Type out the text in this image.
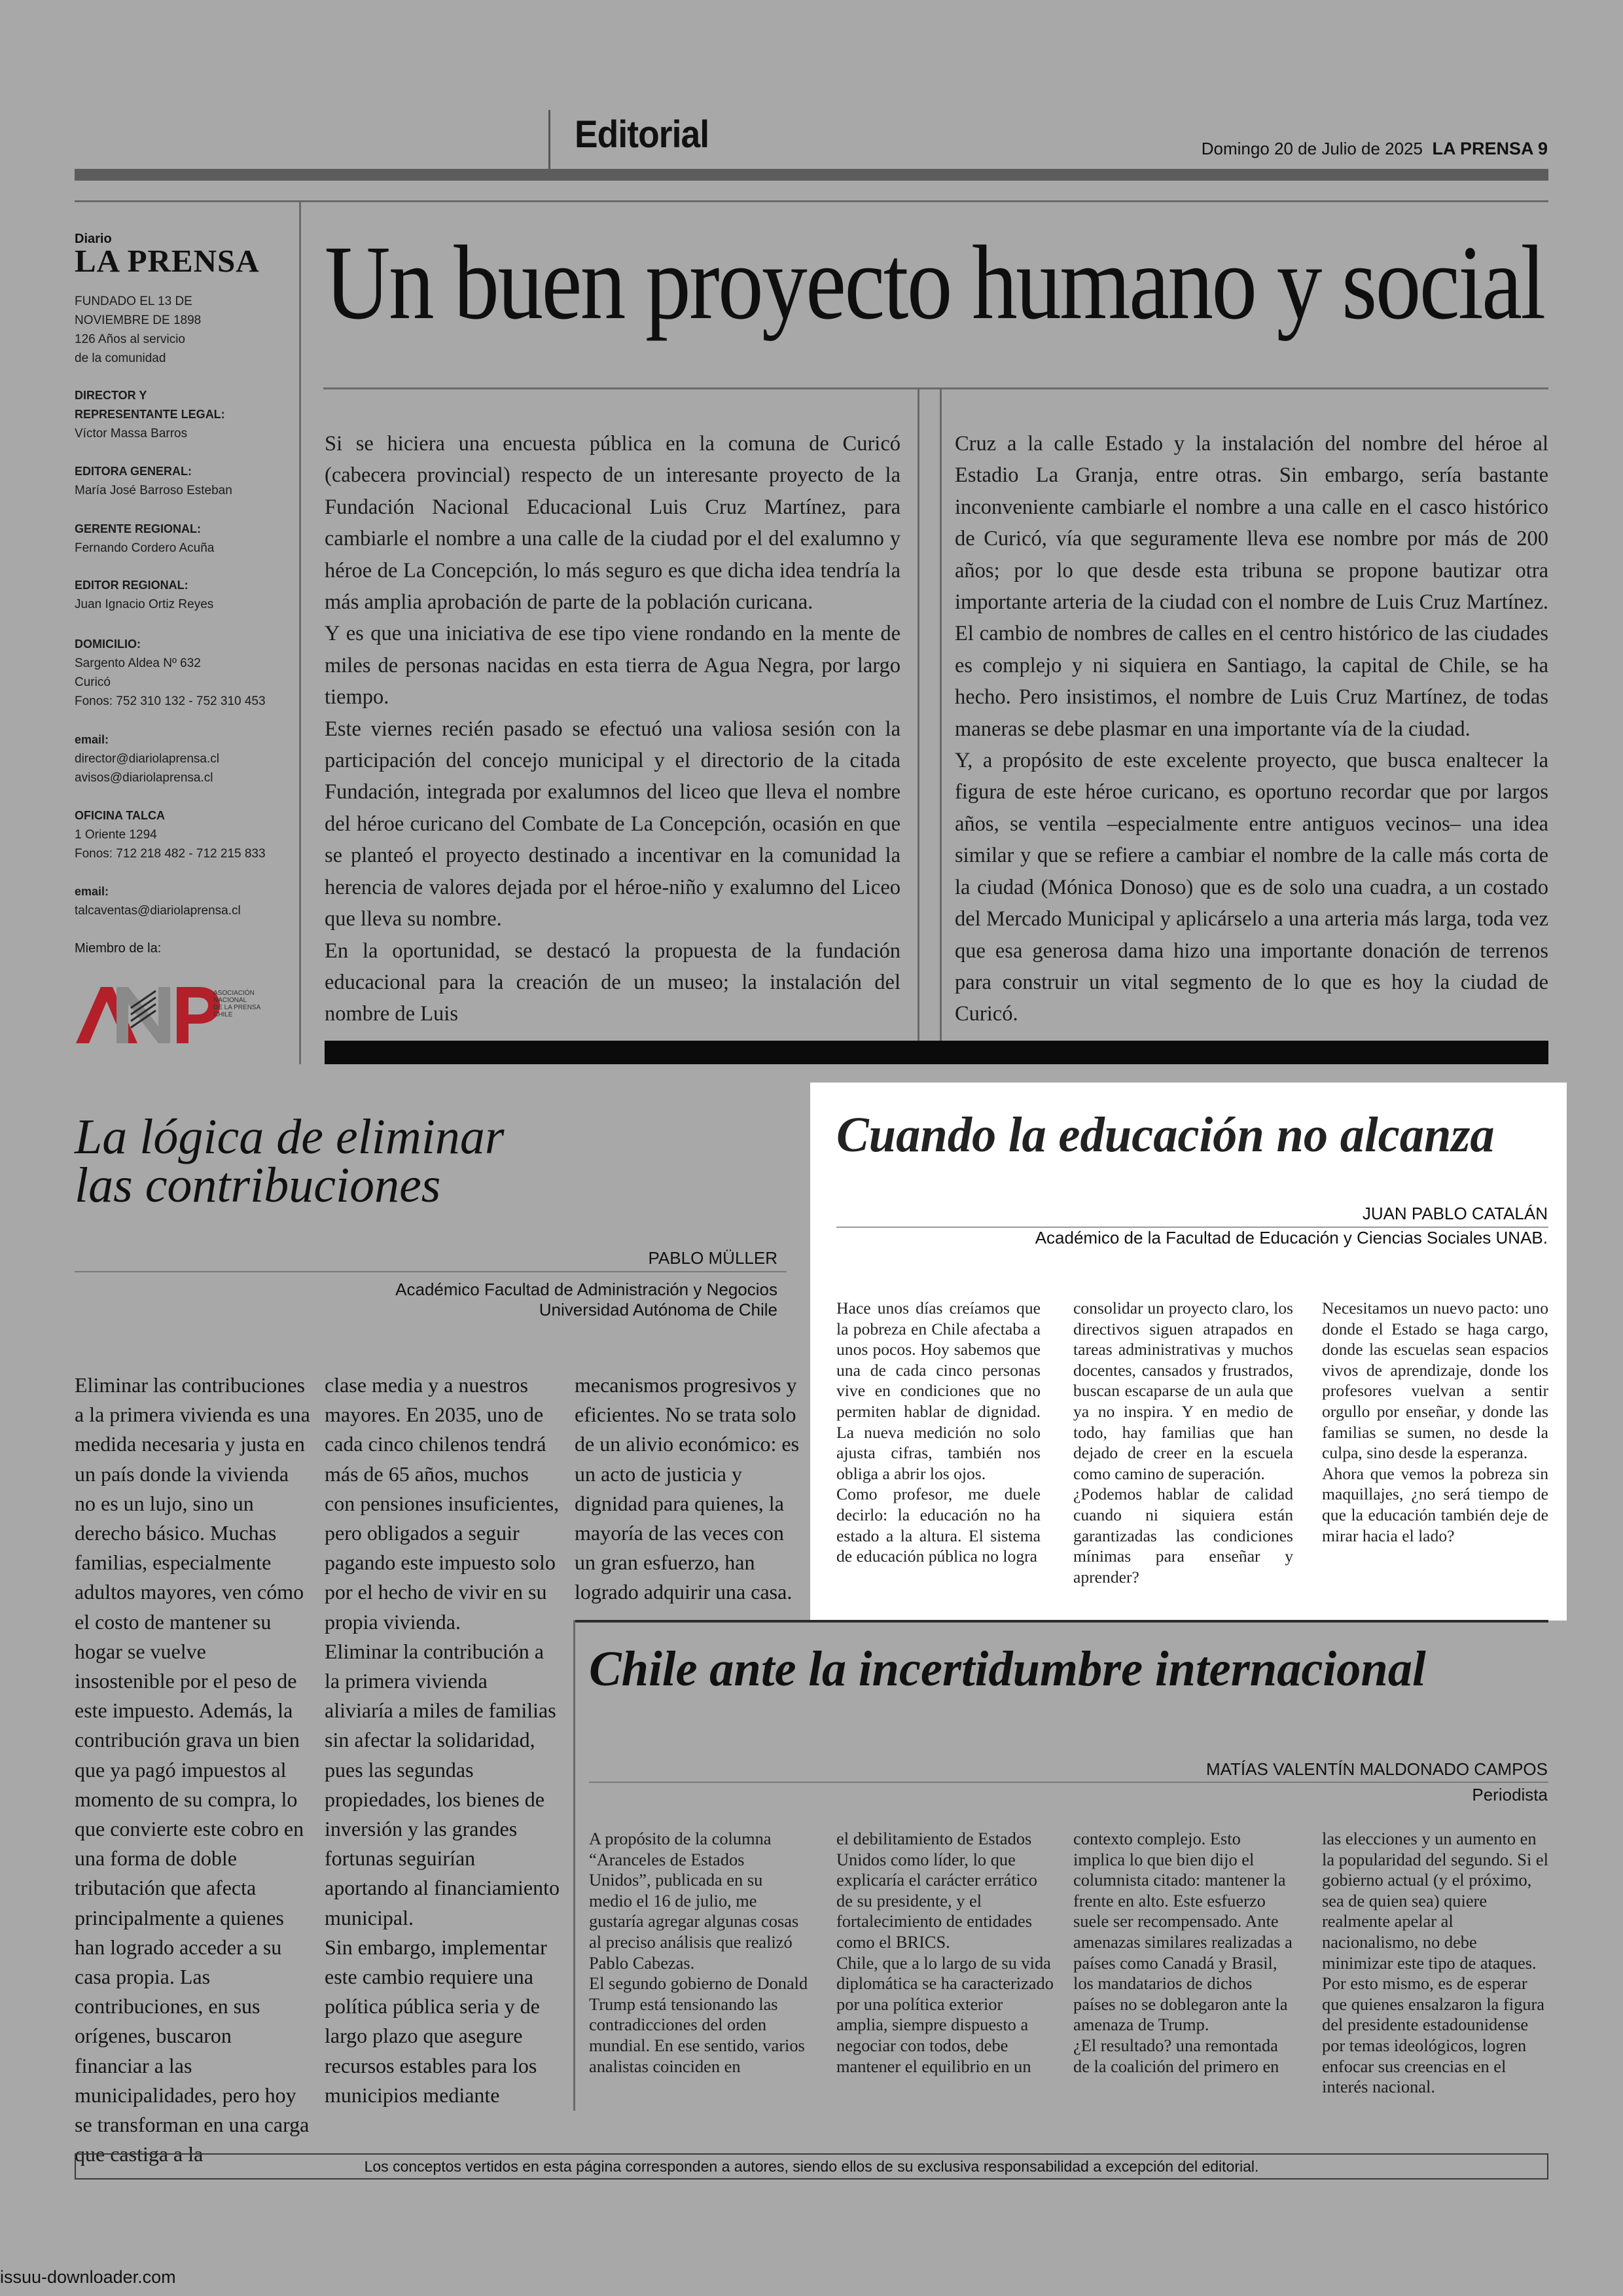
Editorial	Domingo 20 de Julio de 2025 LA PRENSA 9
Diario
LA PRENSA
FUNDADO EL 13 DE
NOVIEMBRE DE 1898
126 Años al servicio
de la comunidad
DIRECTOR Y
REPRESENTANTE LEGAL:
Víctor Massa Barros
EDITORA GENERAL:
María José Barroso Esteban
GERENTE REGIONAL:
Fernando Cordero Acuña
EDITOR REGIONAL:
Juan Ignacio Ortiz Reyes
DOMICILIO:
Sargento Aldea Nº 632
Curicó
Fonos: 752 310 132 - 752 310 453
email:
director@diariolaprensa.cl
avisos@diariolaprensa.cl
OFICINA TALCA
1 Oriente 1294
Fonos: 712 218 482 - 712 215 833
email:
talcaventas@diariolaprensa.cl
Miembro de la:
ASOCIACIÓN
NACIONAL
DE LA PRENSA
CHILE
Un buen proyecto humano y social

Si se hiciera una encuesta pública en la comuna de Curicó (cabecera provincial) respecto de un interesante proyecto de la Fundación Nacional Educacional Luis Cruz Martínez, para cambiarle el nombre a una calle de la ciudad por el del exalumno y héroe de La Concepción, lo más seguro es que dicha idea tendría la más amplia aprobación de parte de la población curicana.

Y es que una iniciativa de ese tipo viene rondando en la mente de miles de personas nacidas en esta tierra de Agua Negra, por largo tiempo.

Este viernes recién pasado se efectuó una valiosa sesión con la participación del concejo municipal y el directorio de la citada Fundación, integrada por exalumnos del liceo que lleva el nombre del héroe curicano del Combate de La Concepción, ocasión en que se planteó el proyecto destinado a incentivar en la comunidad la herencia de valores dejada por el héroe-niño y exalumno del Liceo que lleva su nombre.

En la oportunidad, se destacó la propuesta de la fundación educacional para la creación de un museo; la instalación del nombre de Luis

Cruz a la calle Estado y la instalación del nombre del héroe al Estadio La Granja, entre otras. Sin embargo, sería bastante inconveniente cambiarle el nombre a una calle en el casco histórico de Curicó, vía que seguramente lleva ese nombre por más de 200 años; por lo que desde esta tribuna se propone bautizar otra importante arteria de la ciudad con el nombre de Luis Cruz Martínez. El cambio de nombres de calles en el centro histórico de las ciudades es complejo y ni siquiera en Santiago, la capital de Chile, se ha hecho. Pero insistimos, el nombre de Luis Cruz Martínez, de todas maneras se debe plasmar en una importante vía de la ciudad.

Y, a propósito de este excelente proyecto, que busca enaltecer la figura de este héroe curicano, es oportuno recordar que por largos años, se ventila –especialmente entre antiguos vecinos– una idea similar y que se refiere a cambiar el nombre de la calle más corta de la ciudad (Mónica Donoso) que es de solo una cuadra, a un costado del Mercado Municipal y aplicárselo a una arteria más larga, toda vez que esa generosa dama hizo una importante donación de terrenos para construir un vital segmento de lo que es hoy la ciudad de Curicó.

La lógica de eliminar
las contribuciones
PABLO MÜLLER
Académico Facultad de Administración y Negocios
Universidad Autónoma de Chile

Eliminar las contribuciones a la primera vivienda es una medida necesaria y justa en un país donde la vivienda no es un lujo, sino un derecho básico. Muchas familias, especialmente adultos mayores, ven cómo el costo de mantener su hogar se vuelve insostenible por el peso de este impuesto. Además, la contribución grava un bien que ya pagó impuestos al momento de su compra, lo que convierte este cobro en una forma de doble tributación que afecta principalmente a quienes han logrado acceder a su casa propia. Las contribuciones, en sus orígenes, buscaron financiar a las municipalidades, pero hoy se transforman en una carga que castiga a la

clase media y a nuestros mayores. En 2035, uno de cada cinco chilenos tendrá más de 65 años, muchos con pensiones insuficientes, pero obligados a seguir pagando este impuesto solo por el hecho de vivir en su propia vivienda.

Eliminar la contribución a la primera vivienda aliviaría a miles de familias sin afectar la solidaridad, pues las segundas propiedades, los bienes de inversión y las grandes fortunas seguirían aportando al financiamiento municipal.

Sin embargo, implementar este cambio requiere una política pública seria y de largo plazo que asegure recursos estables para los municipios mediante

mecanismos progresivos y eficientes. No se trata solo de un alivio económico: es un acto de justicia y dignidad para quienes, la mayoría de las veces con un gran esfuerzo, han logrado adquirir una casa.

Cuando la educación no alcanza
JUAN PABLO CATALÁN
Académico de la Facultad de Educación y Ciencias Sociales UNAB.

Hace unos días creíamos que la pobreza en Chile afectaba a unos pocos. Hoy sabemos que una de cada cinco personas vive en condiciones que no permiten hablar de dignidad. La nueva medición no solo ajusta cifras, también nos obliga a abrir los ojos.

Como profesor, me duele decirlo: la educación no ha estado a la altura. El sistema de educación pública no logra

consolidar un proyecto claro, los directivos siguen atrapados en tareas administrativas y muchos docentes, cansados y frustrados, buscan escaparse de un aula que ya no inspira. Y en medio de todo, hay familias que han dejado de creer en la escuela como camino de superación.

¿Podemos hablar de calidad cuando ni siquiera están garantizadas las condiciones mínimas para enseñar y aprender?

Necesitamos un nuevo pacto: uno donde el Estado se haga cargo, donde las escuelas sean espacios vivos de aprendizaje, donde los profesores vuelvan a sentir orgullo por enseñar, y donde las familias se sumen, no desde la culpa, sino desde la esperanza.

Ahora que vemos la pobreza sin maquillajes, ¿no será tiempo de que la educación también deje de mirar hacia el lado?

Chile ante la incertidumbre internacional
MATÍAS VALENTÍN MALDONADO CAMPOS
Periodista

A propósito de la columna “Aranceles de Estados Unidos”, publicada en su medio el 16 de julio, me gustaría agregar algunas cosas al preciso análisis que realizó Pablo Cabezas.

El segundo gobierno de Donald Trump está tensionando las contradicciones del orden mundial. En ese sentido, varios analistas coinciden en

el debilitamiento de Estados Unidos como líder, lo que explicaría el carácter errático de su presidente, y el fortalecimiento de entidades como el BRICS.

Chile, que a lo largo de su vida diplomática se ha caracterizado por una política exterior amplia, siempre dispuesto a negociar con todos, debe mantener el equilibrio en un

contexto complejo. Esto implica lo que bien dijo el columnista citado: mantener la frente en alto. Este esfuerzo suele ser recompensado. Ante amenazas similares realizadas a países como Canadá y Brasil, los mandatarios de dichos países no se doblegaron ante la amenaza de Trump.

¿El resultado? una remontada de la coalición del primero en

las elecciones y un aumento en la popularidad del segundo. Si el gobierno actual (y el próximo, sea de quien sea) quiere realmente apelar al nacionalismo, no debe minimizar este tipo de ataques. Por esto mismo, es de esperar que quienes ensalzaron la figura del presidente estadounidense por temas ideológicos, logren enfocar sus creencias en el interés nacional.

Los conceptos vertidos en esta página corresponden a autores, siendo ellos de su exclusiva responsabilidad a excepción del editorial.
issuu-downloader.com
